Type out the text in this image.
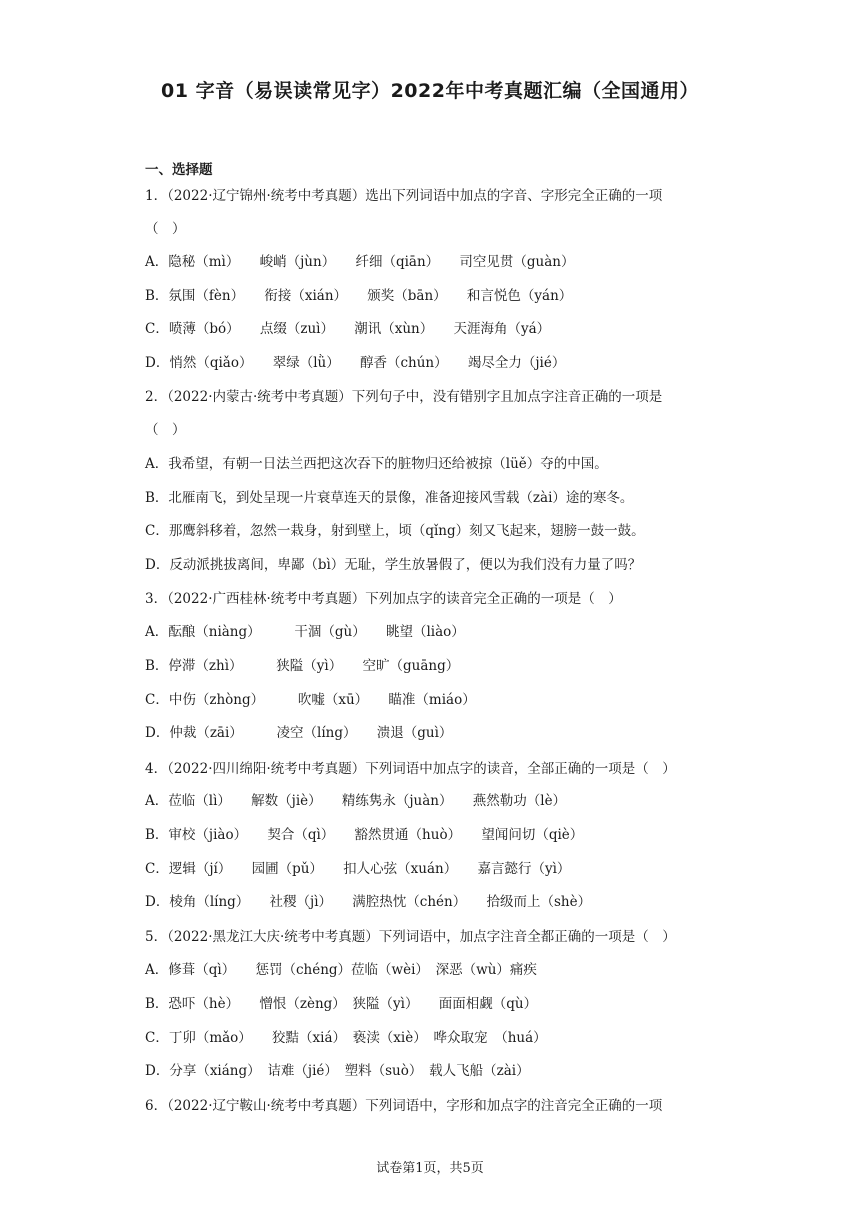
01 字音（易误读常见字）2022年中考真题汇编（全国通用）
一、选择题
1．（2022·辽宁锦州·统考中考真题）选出下列词语中加点的字音、字形完全正确的一项
（　）
A．隐秘（mì）　　峻峭（jùn）　　纤细（qiān）　　司空见贯（guàn）
B．氛围（fèn）　　衔接（xián）　　颁奖（bān）　　和言悦色（yán）
C．喷薄（bó）　　点缀（zuì）　　潮讯（xùn）　　天涯海角（yá）
D．悄然（qiǎo）　　翠绿（lǜ）　　醇香（chún）　　竭尽全力（jié）
2．（2022·内蒙古·统考中考真题）下列句子中，没有错别字且加点字注音正确的一项是
（　）
A．我希望，有朝一日法兰西把这次吞下的脏物归还给被掠（lüě）夺的中国。
B．北雁南飞，到处呈现一片衰草连天的景像，准备迎接风雪载（zài）途的寒冬。
C．那鹰斜移着，忽然一栽身，射到壁上，顷（qǐng）刻又飞起来，翅膀一鼓一鼓。
D．反动派挑拔离间，卑鄙（bì）无耻，学生放暑假了，便以为我们没有力量了吗？
3．（2022·广西桂林·统考中考真题）下列加点字的读音完全正确的一项是（　）
A．酝酿（niàng）　　　干涸（gù）　　眺望（liào）
B．停滞（zhì）　　　狭隘（yì）　　空旷（guāng）
C．中伤（zhòng）　　　吹嘘（xū）　　瞄准（miáo）
D．仲裁（zāi）　　　凌空（líng）　　溃退（guì）
4．（2022·四川绵阳·统考中考真题）下列词语中加点字的读音，全部正确的一项是（　）
A．莅临（lì）　　解数（jiè）　　精练隽永（juàn）　　燕然勒功（lè）
B．审校（jiào）　　契合（qì）　　豁然贯通（huò）　　望闻问切（qiè）
C．逻辑（jí）　　园圃（pǔ）　　扣人心弦（xuán）　　嘉言懿行（yì）
D．棱角（líng）　　社稷（jì）　　满腔热忱（chén）　　拾级而上（shè）
5．（2022·黑龙江大庆·统考中考真题）下列词语中，加点字注音全都正确的一项是（　）
A．修葺（qì）　　惩罚（chéng）莅临（wèi）　深恶（wù）痛疾
B．恐吓（hè）　　憎恨（zèng）　狭隘（yì）　　面面相觑（qù）
C．丁卯（mǎo）　　狡黠（xiá）　亵渎（xiè）　哗众取宠　（huá）
D．分享（xiáng）　诘难（jié）　塑料（suò）　载人飞船（zài）
6．（2022·辽宁鞍山·统考中考真题）下列词语中，字形和加点字的注音完全正确的一项
试卷第1页，共5页
